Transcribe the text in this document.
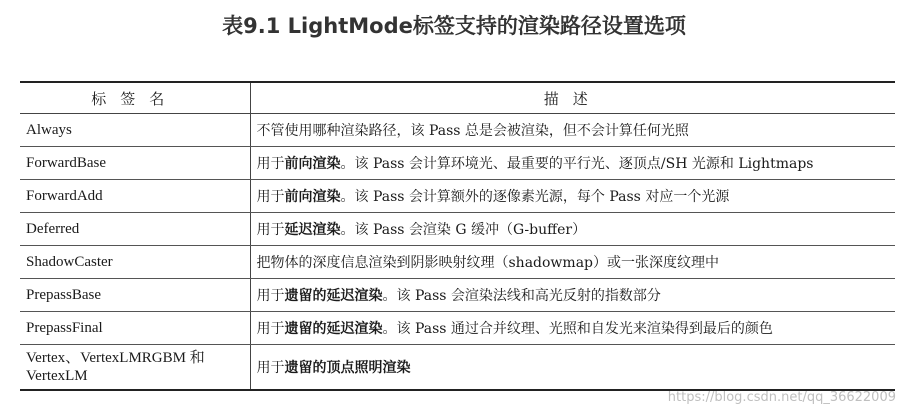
表9.1 LightMode标签支持的渲染路径设置选项
标签名	描述
Always	不管使用哪种渲染路径，该 Pass 总是会被渲染，但不会计算任何光照
ForwardBase	用于前向渲染。该 Pass 会计算环境光、最重要的平行光、逐顶点/SH 光源和 Lightmaps
ForwardAdd	用于前向渲染。该 Pass 会计算额外的逐像素光源，每个 Pass 对应一个光源
Deferred	用于延迟渲染。该 Pass 会渲染 G 缓冲（G-buffer）
ShadowCaster	把物体的深度信息渲染到阴影映射纹理（shadowmap）或一张深度纹理中
PrepassBase	用于遗留的延迟渲染。该 Pass 会渲染法线和高光反射的指数部分
PrepassFinal	用于遗留的延迟渲染。该 Pass 通过合并纹理、光照和自发光来渲染得到最后的颜色
Vertex、VertexLMRGBM 和 VertexLM	用于遗留的顶点照明渲染
https://blog.csdn.net/qq_36622009
